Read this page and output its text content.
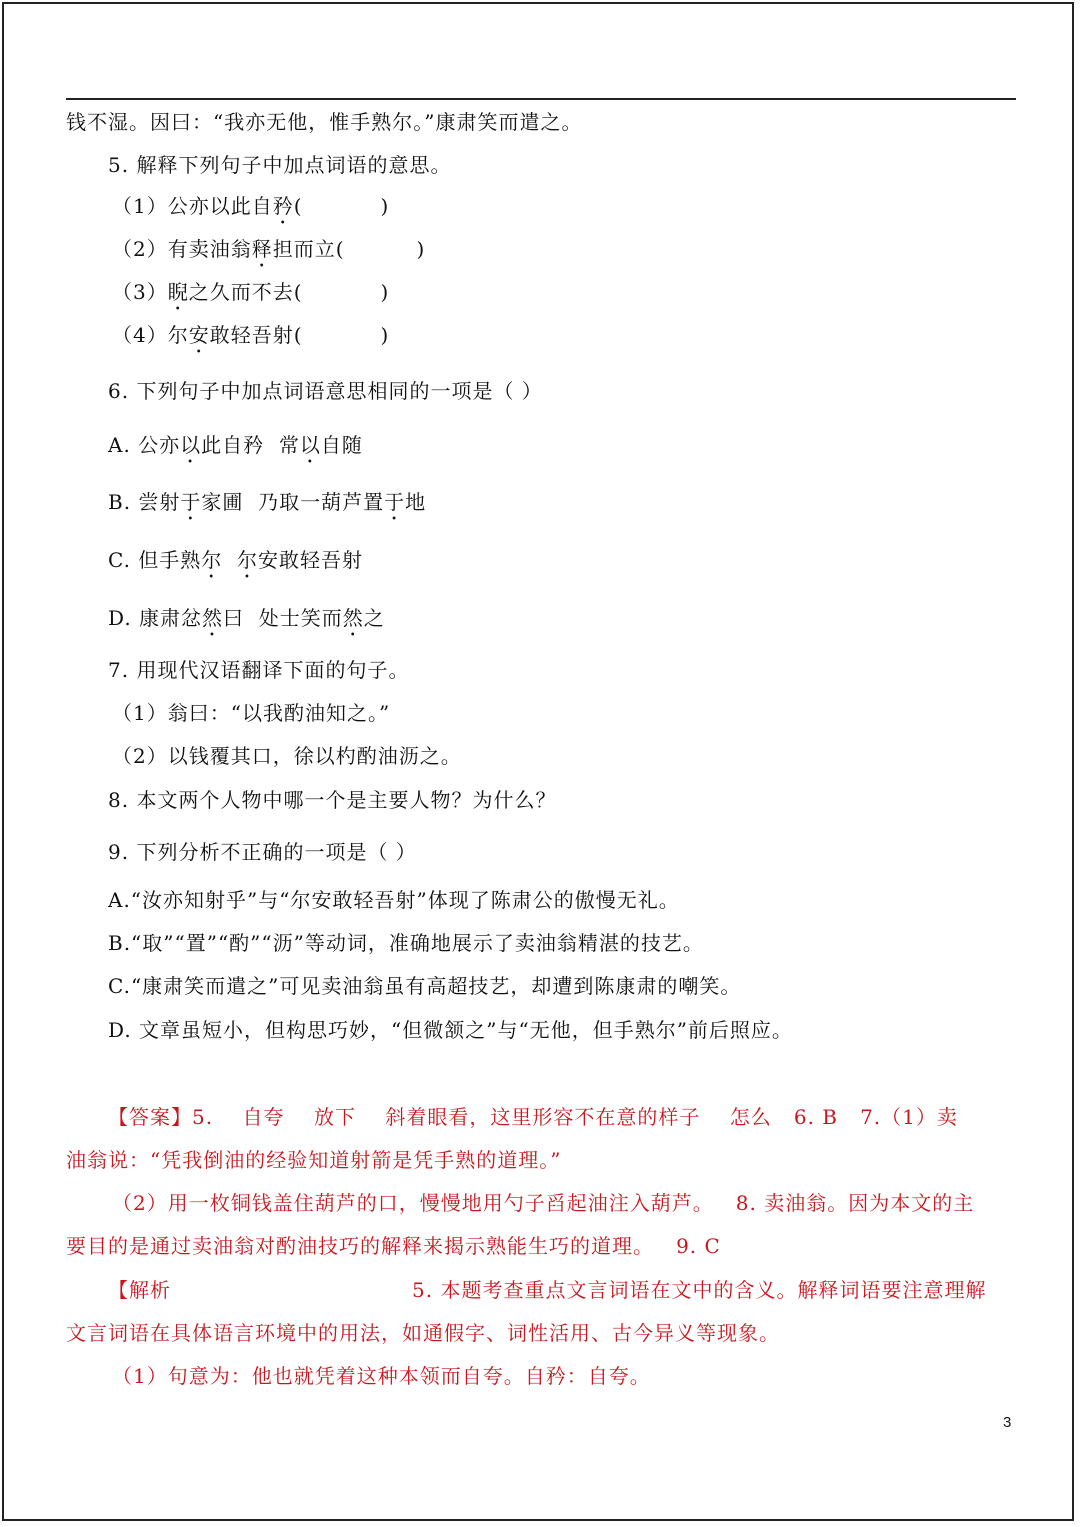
钱不湿。因曰：“我亦无他，惟手熟尔。”康肃笑而遣之。
5. 解释下列句子中加点词语的意思。
（1）公亦以此自矜(	)
（2）有卖油翁释担而立(	)
（3）睨之久而不去(	)
（4）尔安敢轻吾射(	)
6. 下列句子中加点词语意思相同的一项是（ ）
A. 公亦以此自矜  常以自随
B. 尝射于家圃  乃取一葫芦置于地
C. 但手熟尔 尔安敢轻吾射
D. 康肃忿然曰  处士笑而然之
7. 用现代汉语翻译下面的句子。
（1）翁曰：“以我酌油知之。”
（2）以钱覆其口，徐以杓酌油沥之。
8. 本文两个人物中哪一个是主要人物？为什么？
9. 下列分析不正确的一项是（ ）
A.“汝亦知射乎”与“尔安敢轻吾射”体现了陈肃公的傲慢无礼。
B.“取”“置”“酌”“沥”等动词，准确地展示了卖油翁精湛的技艺。
C.“康肃笑而遣之”可见卖油翁虽有高超技艺，却遭到陈康肃的嘲笑。
D. 文章虽短小，但构思巧妙，“但微颔之”与“无他，但手熟尔”前后照应。
【答案】5.    自夸    放下    斜着眼看，这里形容不在意的样子    怎么   6. B   7.（1）卖
油翁说：“凭我倒油的经验知道射箭是凭手熟的道理。”
（2）用一枚铜钱盖住葫芦的口，慢慢地用勺子舀起油注入葫芦。   8. 卖油翁。因为本文的主
要目的是通过卖油翁对酌油技巧的解释来揭示熟能生巧的道理。   9. C
【解析	5. 本题考查重点文言词语在文中的含义。解释词语要注意理解
文言词语在具体语言环境中的用法，如通假字、词性活用、古今异义等现象。
（1）句意为：他也就凭着这种本领而自夸。自矜：自夸。
3
